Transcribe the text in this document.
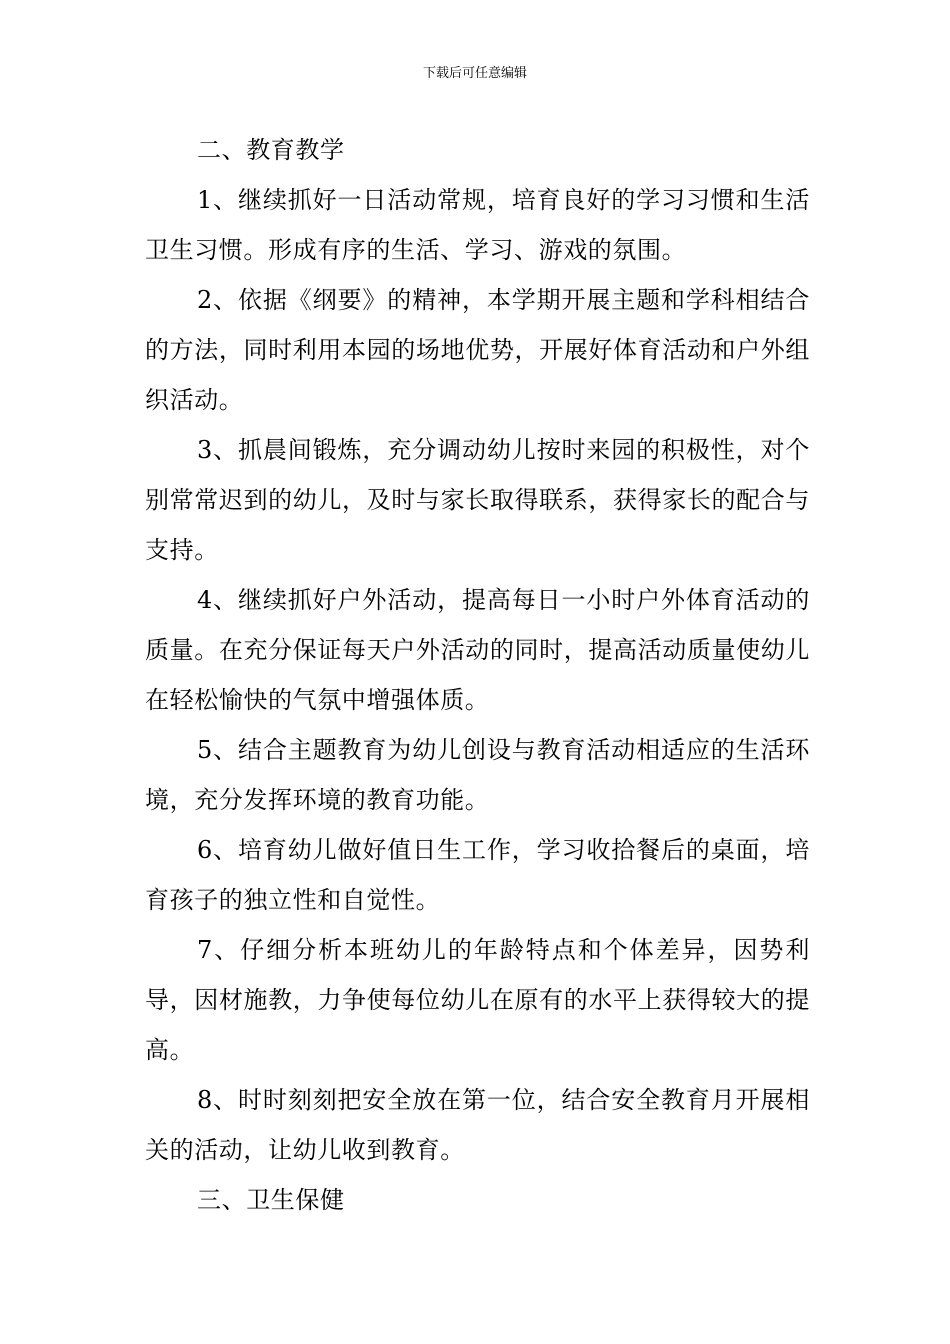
下载后可任意编辑

二、教育教学

1、继续抓好一日活动常规，培育良好的学习习惯和生活卫生习惯。形成有序的生活、学习、游戏的氛围。

2、依据《纲要》的精神，本学期开展主题和学科相结合的方法，同时利用本园的场地优势，开展好体育活动和户外组织活动。

3、抓晨间锻炼，充分调动幼儿按时来园的积极性，对个别常常迟到的幼儿，及时与家长取得联系，获得家长的配合与支持。

4、继续抓好户外活动，提高每日一小时户外体育活动的质量。在充分保证每天户外活动的同时，提高活动质量使幼儿在轻松愉快的气氛中增强体质。

5、结合主题教育为幼儿创设与教育活动相适应的生活环境，充分发挥环境的教育功能。

6、培育幼儿做好值日生工作，学习收拾餐后的桌面，培育孩子的独立性和自觉性。

7、仔细分析本班幼儿的年龄特点和个体差异，因势利导，因材施教，力争使每位幼儿在原有的水平上获得较大的提高。

8、时时刻刻把安全放在第一位，结合安全教育月开展相关的活动，让幼儿收到教育。

三、卫生保健
